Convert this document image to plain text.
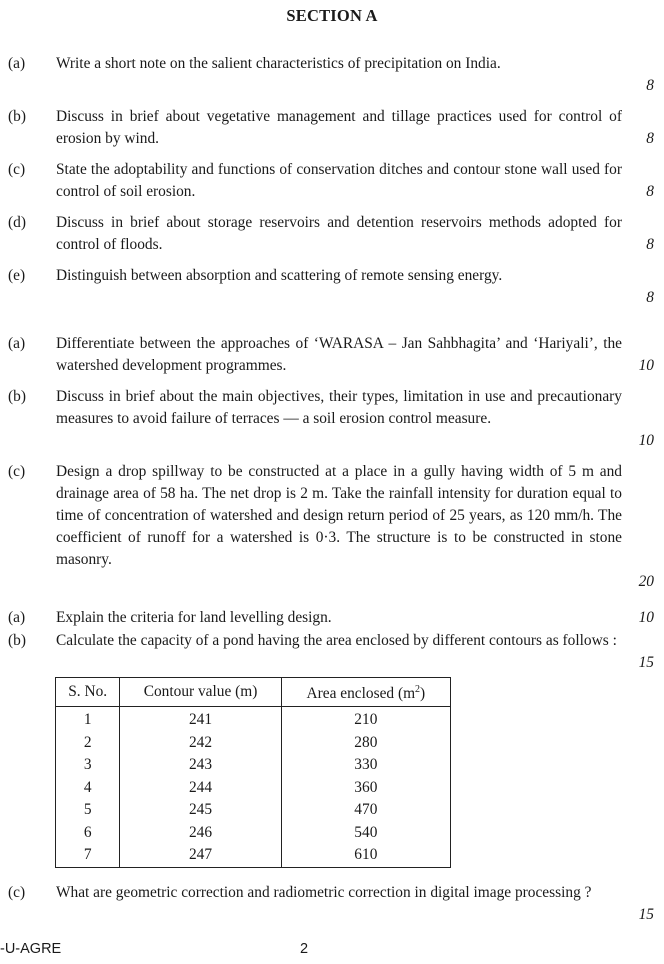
SECTION A
(a) Write a short note on the salient characteristics of precipitation on India.
8
(b) Discuss in brief about vegetative management and tillage practices used for control of erosion by wind.	8
(c) State the adoptability and functions of conservation ditches and contour stone wall used for control of soil erosion.	8
(d) Discuss in brief about storage reservoirs and detention reservoirs methods adopted for control of floods.	8
(e) Distinguish between absorption and scattering of remote sensing energy.
8
(a) Differentiate between the approaches of ‘WARASA – Jan Sahbhagita’ and ‘Hariyali’, the watershed development programmes.	10
(b) Discuss in brief about the main objectives, their types, limitation in use and precautionary measures to avoid failure of terraces — a soil erosion control measure.
10
(c) Design a drop spillway to be constructed at a place in a gully having width of 5 m and drainage area of 58 ha. The net drop is 2 m. Take the rainfall intensity for duration equal to time of concentration of watershed and design return period of 25 years, as 120 mm/h. The coefficient of runoff for a watershed is 0·3. The structure is to be constructed in stone masonry.
20
(a) Explain the criteria for land levelling design.	10
(b) Calculate the capacity of a pond having the area enclosed by different contours as follows :
15
S. No.	Contour value (m)	Area enclosed $(m^2)$
1	241	210
2	242	280
3	243	330
4	244	360
5	245	470
6	246	540
7	247	610
(c) What are geometric correction and radiometric correction in digital image processing ?
15
-U-AGRE	2
